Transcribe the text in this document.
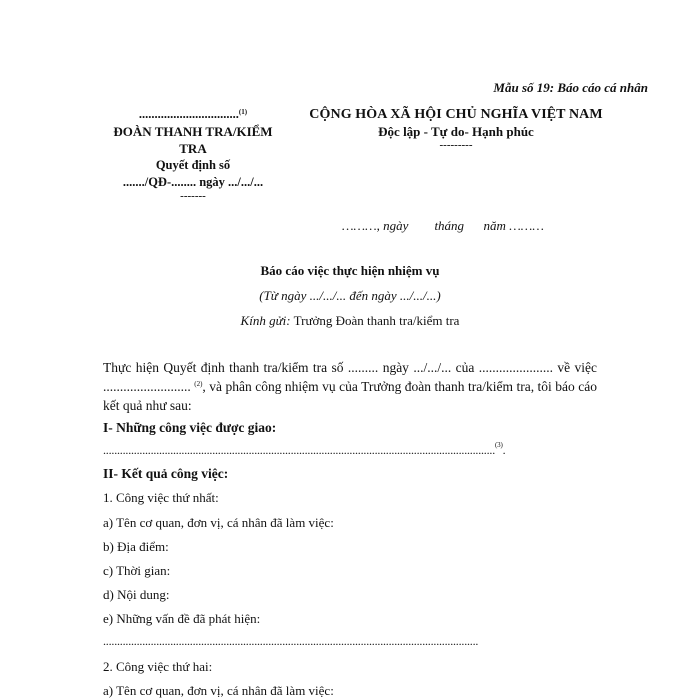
Mẫu số 19: Báo cáo cá nhân
................................$^{(1)}$
ĐOÀN THANH TRA/KIỂM
TRA
Quyết định số
......./QĐ-........ ngày .../.../...
-------
CỘNG HÒA XÃ HỘI CHỦ NGHĨA VIỆT NAM
Độc lập - Tự do- Hạnh phúc
---------
………, ngày        tháng      năm ………
Báo cáo việc thực hiện nhiệm vụ
(Từ ngày .../.../... đến ngày .../.../...)
Kính gửi: Trưởng Đoàn thanh tra/kiểm tra
Thực hiện Quyết định thanh tra/kiểm tra số ......... ngày .../.../... của ...................... về việc .......................... $^{(2)}$, và phân công nhiệm vụ của Trưởng đoàn thanh tra/kiểm tra, tôi báo cáo kết quả như sau:
I- Những công việc được giao:
............................................................................................................................................$^{(3)}$.
II- Kết quả công việc:
1. Công việc thứ nhất:
a) Tên cơ quan, đơn vị, cá nhân đã làm việc:
b) Địa điểm:
c) Thời gian:
d) Nội dung:
e) Những vấn đề đã phát hiện:
......................................................................................................................................
2. Công việc thứ hai:
a) Tên cơ quan, đơn vị, cá nhân đã làm việc:
